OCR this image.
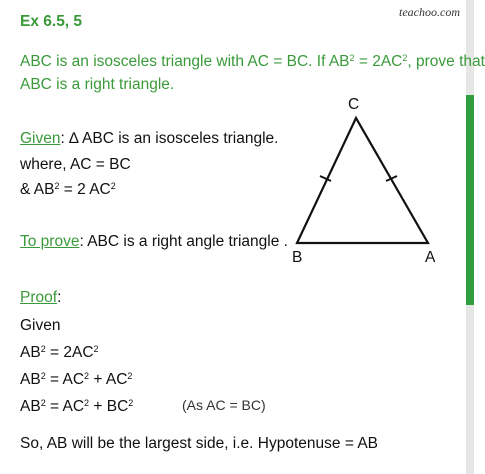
teachoo.com
Ex 6.5, 5
ABC is an isosceles triangle with AC = BC. If $AB^2 = 2AC^2$, prove that
ABC is a right triangle.
Given: ∆ ABC is an isosceles triangle.
where, AC = BC
& $AB^2 = 2$ $AC^2$
To prove: ABC is a right angle triangle .
Proof:
Given
$AB^2 = 2AC^2$
$AB^2 = AC^2 + AC^2$
$AB^2 = AC^2 + BC^2$	(As AC = BC)
So, AB will be the largest side, i.e. Hypotenuse = AB
C
B	A
